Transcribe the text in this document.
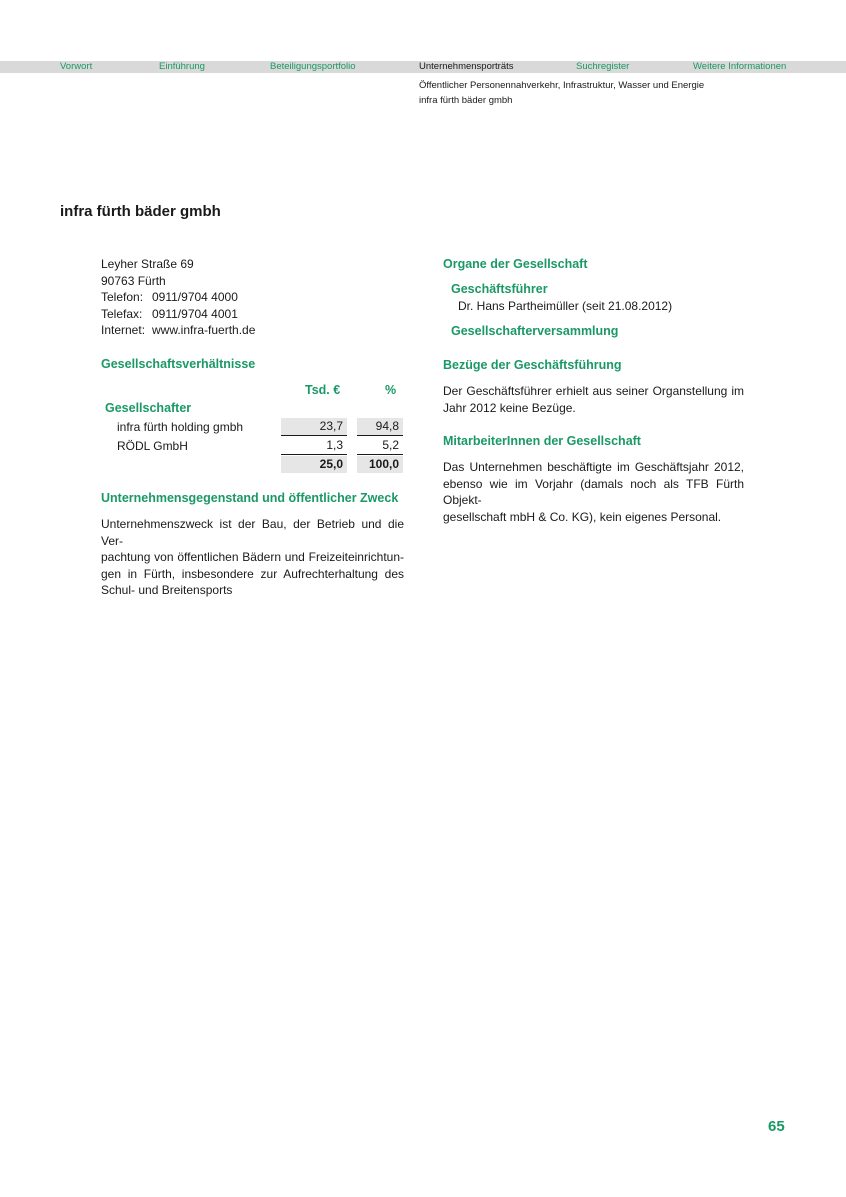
Vorwort	Einführung	Beteiligungsportfolio	Unternehmensporträts	Suchregister	Weitere Informationen
Öffentlicher Personennahverkehr, Infrastruktur, Wasser und Energie
infra fürth bäder gmbh
infra fürth bäder gmbh
Leyher Straße 69
90763 Fürth
Telefon: 0911/9704 4000
Telefax: 0911/9704 4001
Internet: www.infra-fuerth.de
Gesellschaftsverhältnisse
Tsd. €	%
Gesellschafter
infra fürth holding gmbh	23,7	94,8
RÖDL GmbH	1,3	5,2
25,0	100,0
Unternehmensgegenstand und öffentlicher Zweck
Unternehmenszweck ist der Bau, der Betrieb und die Ver-
pachtung von öffentlichen Bädern und Freizeiteinrichtun-
gen in Fürth, insbesondere zur Aufrechterhaltung des
Schul- und Breitensports
Organe der Gesellschaft
Geschäftsführer
Dr. Hans Partheimüller (seit 21.08.2012)
Gesellschafterversammlung
Bezüge der Geschäftsführung
Der Geschäftsführer erhielt aus seiner Organstellung im
Jahr 2012 keine Bezüge.
MitarbeiterInnen der Gesellschaft
Das Unternehmen beschäftigte im Geschäftsjahr 2012,
ebenso wie im Vorjahr (damals noch als TFB Fürth Objekt-
gesellschaft mbH & Co. KG), kein eigenes Personal.
65
